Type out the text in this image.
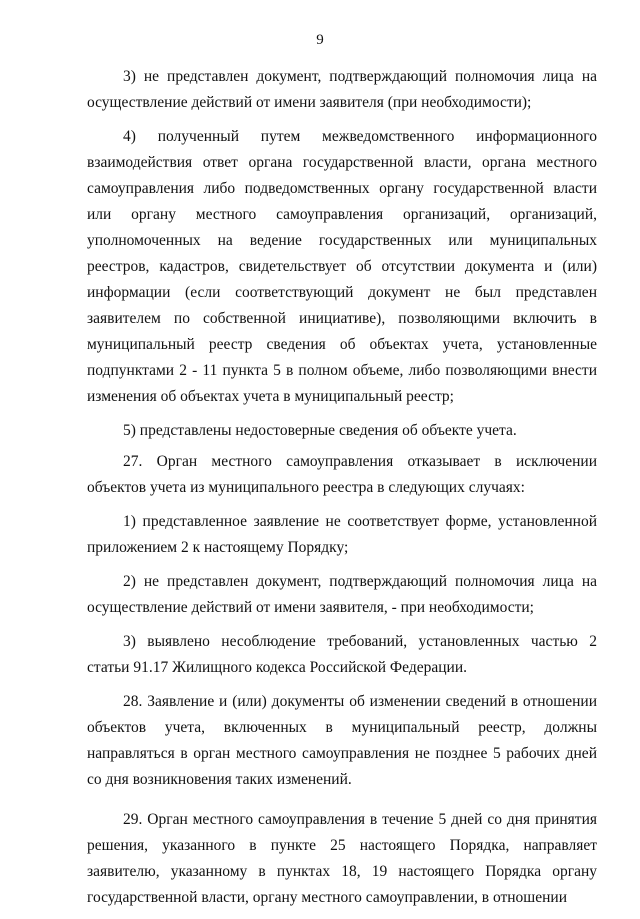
9

3) не представлен документ, подтверждающий полномочия лица на осуществление действий от имени заявителя (при необходимости);

4) полученный путем межведомственного информационного взаимодействия ответ органа государственной власти, органа местного самоуправления либо подведомственных органу государственной власти или органу местного самоуправления организаций, организаций, уполномоченных на ведение государственных или муниципальных реестров, кадастров, свидетельствует об отсутствии документа и (или) информации (если соответствующий документ не был представлен заявителем по собственной инициативе), позволяющими включить в муниципальный реестр сведения об объектах учета, установленные подпунктами 2 - 11 пункта 5 в полном объеме, либо позволяющими внести изменения об объектах учета в муниципальный реестр;

5) представлены недостоверные сведения об объекте учета.

27. Орган местного самоуправления отказывает в исключении объектов учета из муниципального реестра в следующих случаях:

1) представленное заявление не соответствует форме, установленной приложением 2 к настоящему Порядку;

2) не представлен документ, подтверждающий полномочия лица на осуществление действий от имени заявителя, - при необходимости;

3) выявлено несоблюдение требований, установленных частью 2 статьи 91.17 Жилищного кодекса Российской Федерации.

28. Заявление и (или) документы об изменении сведений в отношении объектов учета, включенных в муниципальный реестр, должны направляться в орган местного самоуправления не позднее 5 рабочих дней со дня возникновения таких изменений.

29. Орган местного самоуправления в течение 5 дней со дня принятия решения, указанного в пункте 25 настоящего Порядка, направляет заявителю, указанному в пунктах 18, 19 настоящего Порядка органу государственной власти, органу местного самоуправлении, в отношении
